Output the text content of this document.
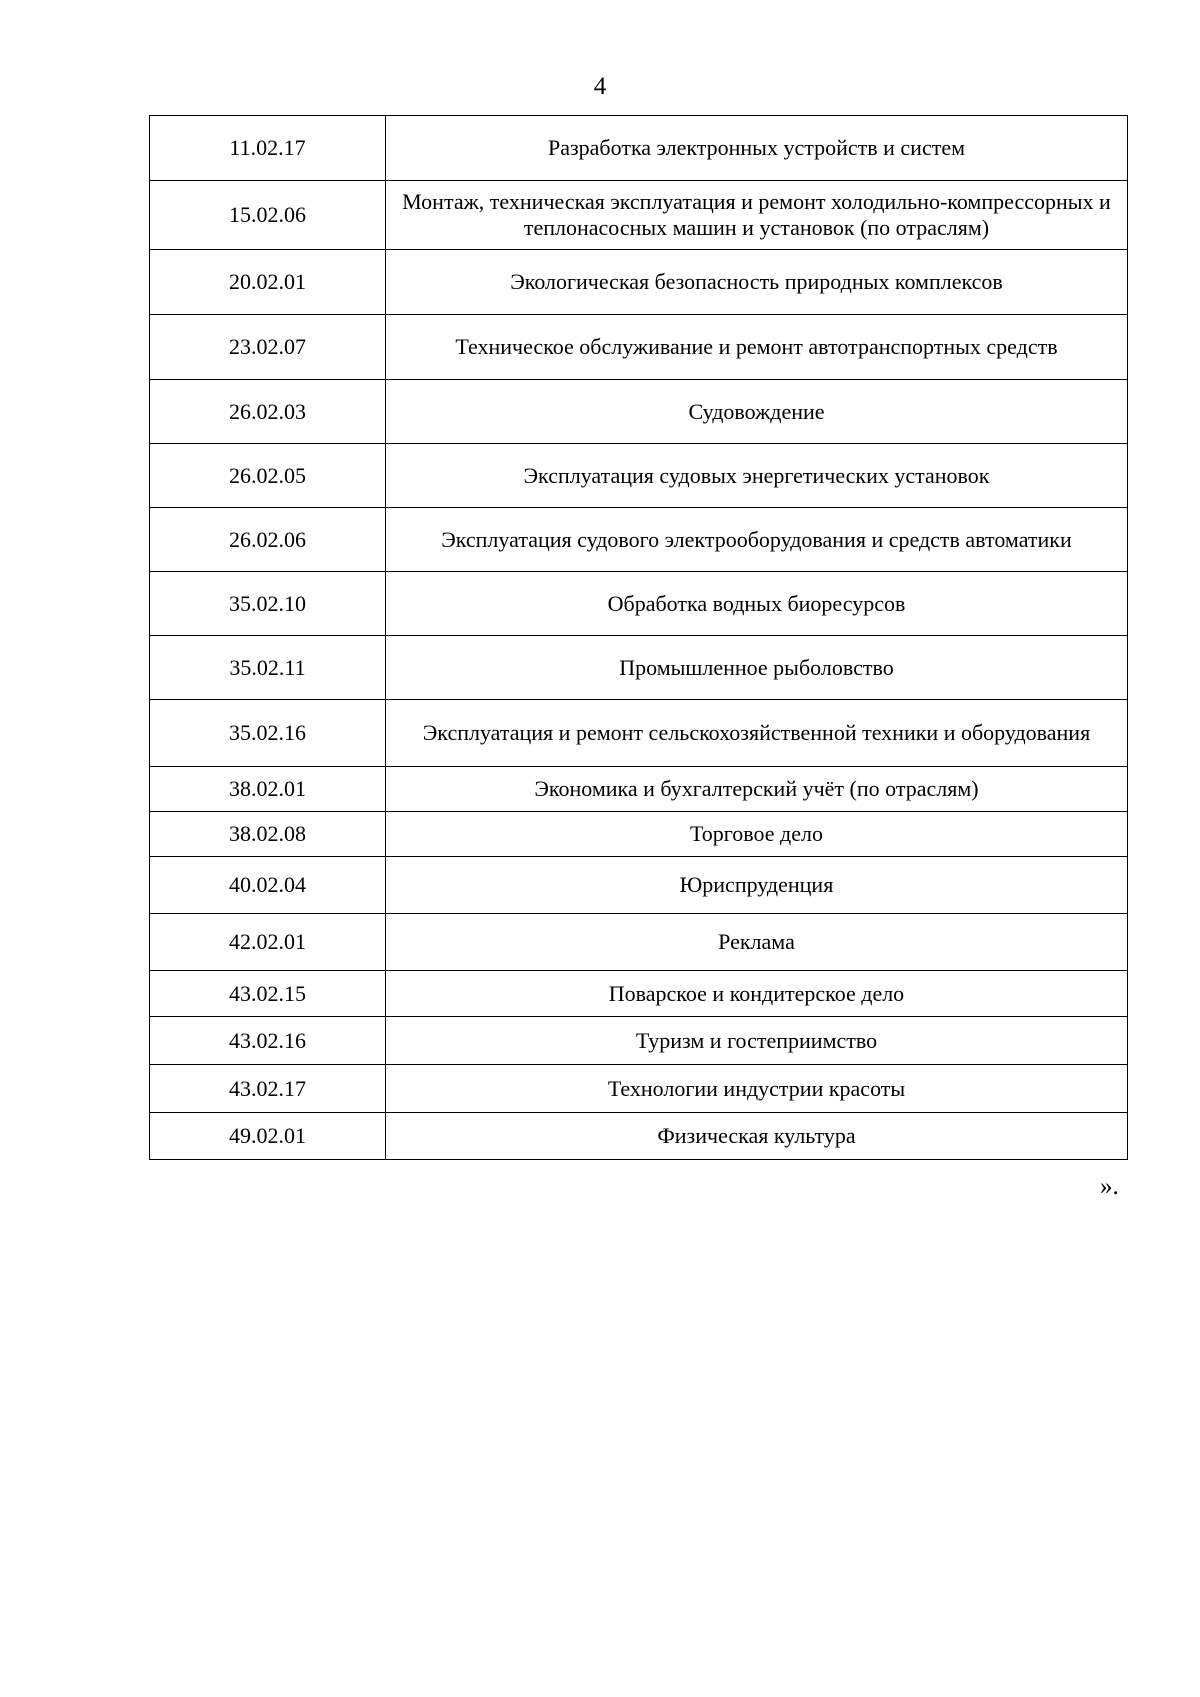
4
11.02.17	Разработка электронных устройств и систем
15.02.06	Монтаж, техническая эксплуатация и ремонт холодильно-компрессорных и теплонасосных машин и установок (по отраслям)
20.02.01	Экологическая безопасность природных комплексов
23.02.07	Техническое обслуживание и ремонт автотранспортных средств
26.02.03	Судовождение
26.02.05	Эксплуатация судовых энергетических установок
26.02.06	Эксплуатация судового электрооборудования и средств автоматики
35.02.10	Обработка водных биоресурсов
35.02.11	Промышленное рыболовство
35.02.16	Эксплуатация и ремонт сельскохозяйственной техники и оборудования
38.02.01	Экономика и бухгалтерский учёт (по отраслям)
38.02.08	Торговое дело
40.02.04	Юриспруденция
42.02.01	Реклама
43.02.15	Поварское и кондитерское дело
43.02.16	Туризм и гостеприимство
43.02.17	Технологии индустрии красоты
49.02.01	Физическая культура
».
